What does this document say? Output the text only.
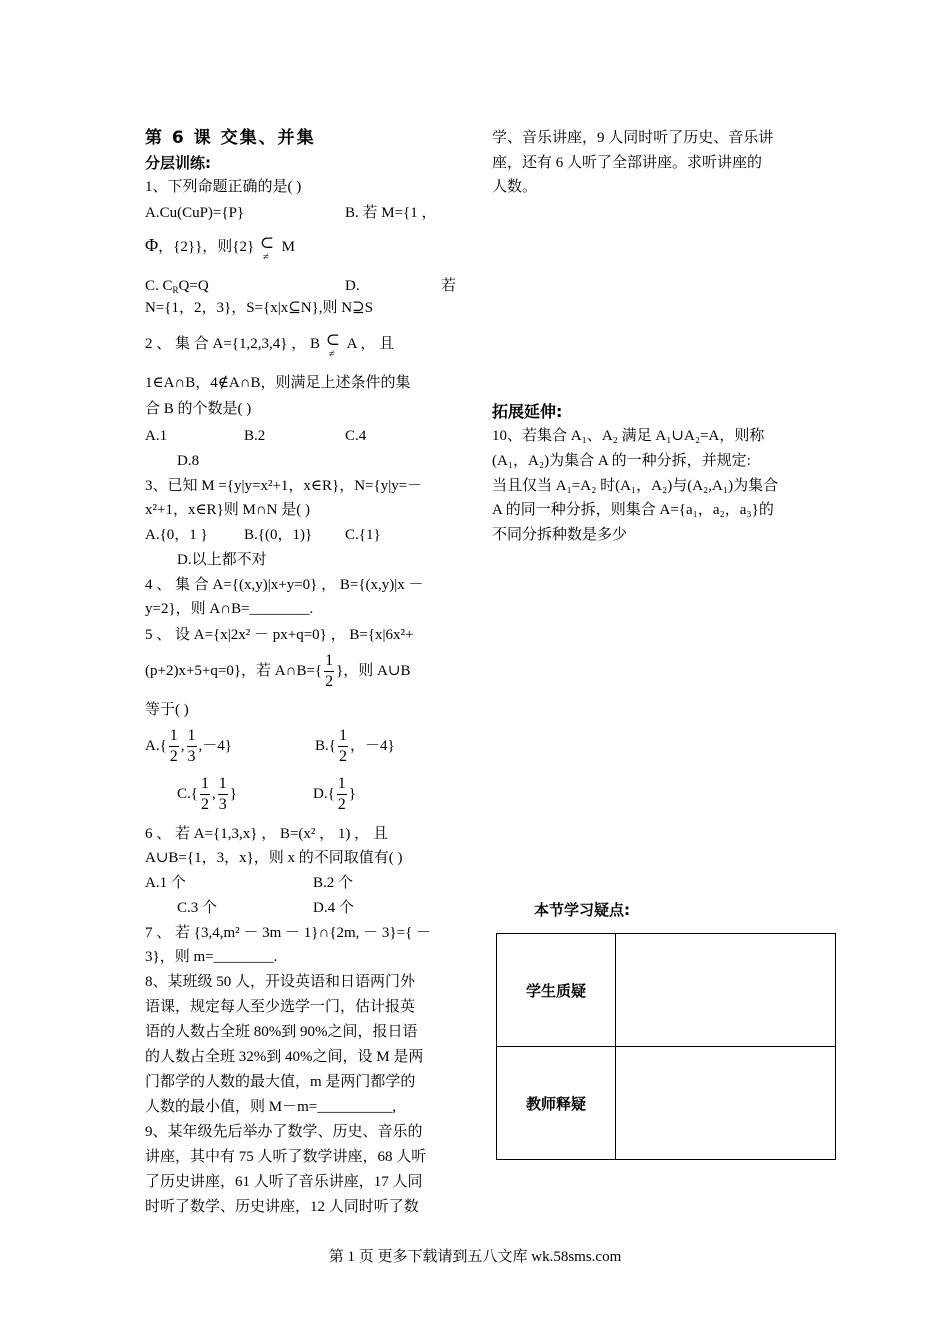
第 6 课 交集、并集
分层训练:
1、下列命题正确的是( )
A.Cu(CuP)={P}	B. 若 M={1 ，
Φ，{2}}，则{2} ⊂
≠
M
C. $C_RQ=Q$	D.	若
N={1，2，3}，S={x|x⊆N},则 N⊇S
2 、 集 合 A={1,2,3,4} ， B ⊂
≠
A ， 且
1∈A∩B，4∉A∩B，则满足上述条件的集
合 B 的个数是( )
A.1	B.2	C.4
D.8
3、已知 M ={y|y=x²+1，x∈R}，N={y|y=－
x²+1，x∈R}则 M∩N 是( )
A.{0，1 } B.{(0，1)} C.{1}
D.以上都不对
4 、 集 合 A={(x,y)|x+y=0} ， B={(x,y)|x －
y=2}，则 A∩B=________.
5 、 设 A={x|2x² － px+q=0} ， B={x|6x²+
(p+2)x+5+q=0}，若 A∩B={ $\frac{1}{2}$ }，则 A∪B
等于( )
$A.\{ \frac{1}{2}$ , $\frac{1}{3} ,-4$}	$B.\{ \frac{1}{2}$ ，－4}
$C.\{ \frac{1}{2}$ , $\frac{1}{3}$ }	$D.\{ \frac{1}{2}$ }
6 、 若 A={1,3,x} ， B=(x² ， 1) ， 且
A∪B={1，3，x}，则 x 的不同取值有( )
A.1 个	B.2 个
C.3 个	D.4 个
7 、 若 {3,4,m² － 3m － 1}∩{2m, － 3}={ －
3}，则 m=________.
8、某班级 50 人，开设英语和日语两门外
语课，规定每人至少选学一门，估计报英
语的人数占全班 80%到 90%之间，报日语
的人数占全班 32%到 40%之间，设 M 是两
门都学的人数的最大值，m 是两门都学的
人数的最小值，则 M－m=__________,
9、某年级先后举办了数学、历史、音乐的
讲座，其中有 75 人听了数学讲座，68 人听
了历史讲座，61 人听了音乐讲座，17 人同
时听了数学、历史讲座，12 人同时听了数
学、音乐讲座，9 人同时听了历史、音乐讲
座，还有 6 人听了全部讲座。求听讲座的
人数。
拓展延伸:
10、若集合 A₁、A₂ 满足 A₁∪A₂=A，则称
(A₁，A₂)为集合 A 的一种分拆，并规定:
当且仅当 A₁=A₂ 时(A₁，A₂)与(A₂,A₁)为集合
A 的同一种分拆，则集合 A={a₁，a₂，a₃}的
不同分拆种数是多少
本节学习疑点:
学生质疑	
教师释疑	
第 1 页 更多下载请到五八文库 wk.58sms.com
